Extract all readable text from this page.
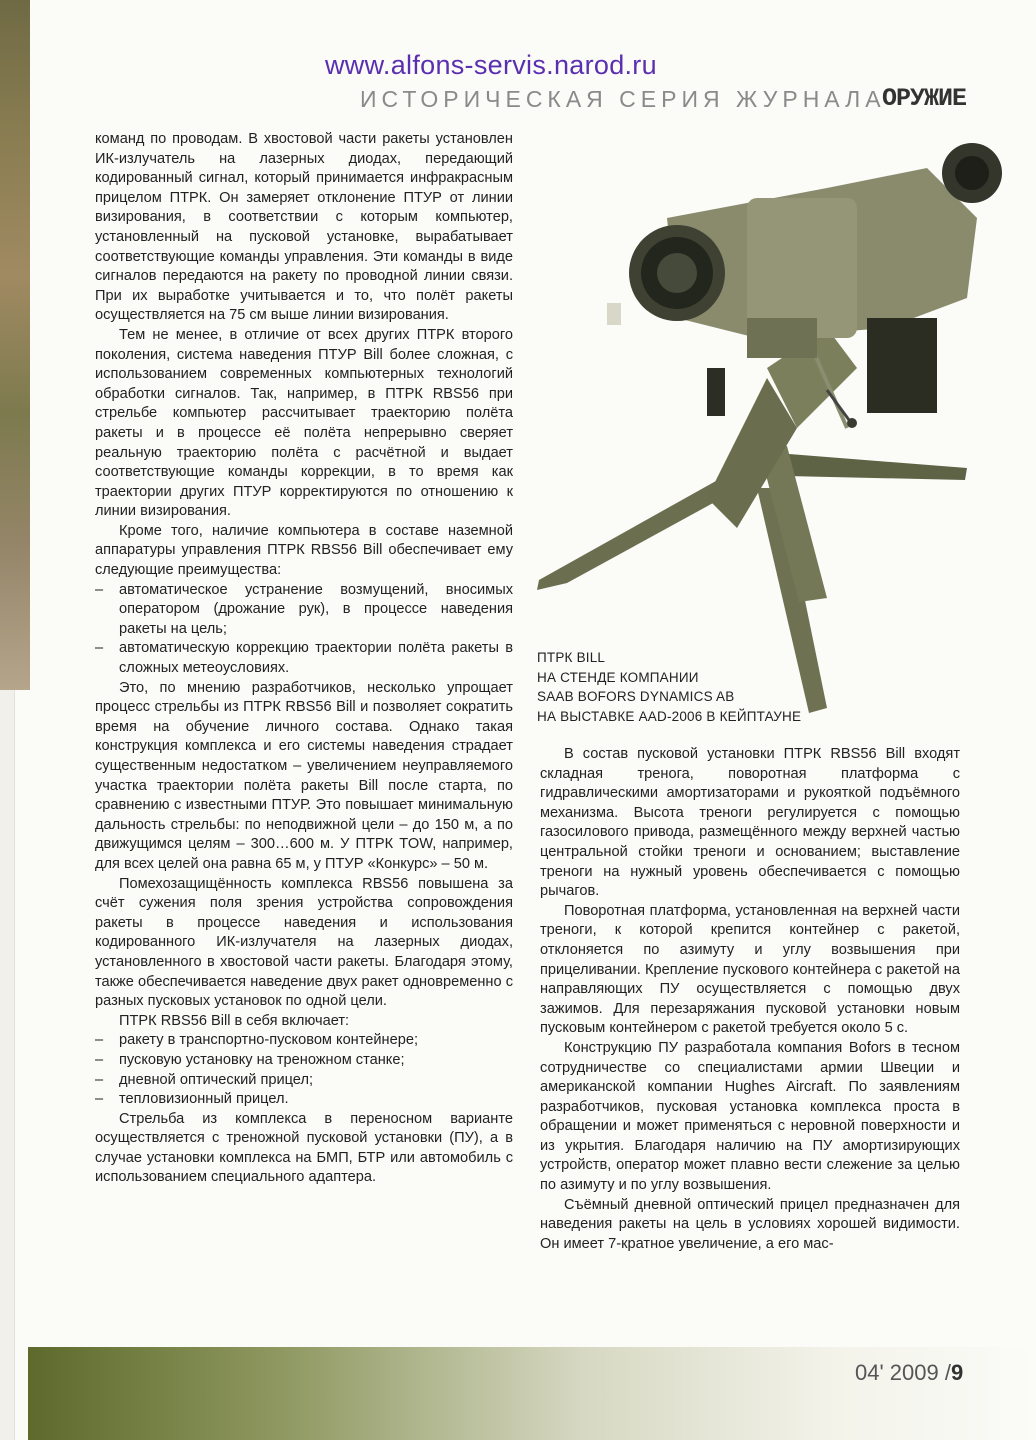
www.alfons-servis.narod.ru
ИСТОРИЧЕСКАЯ СЕРИЯ ЖУРНАЛА
ОРУЖИЕ

команд по проводам. В хвостовой части ракеты установлен ИК-излучатель на лазерных диодах, передающий кодированный сигнал, который принимается инфракрасным прицелом ПТРК. Он замеряет отклонение ПТУР от линии визирования, в соответствии с которым компьютер, установленный на пусковой установке, вырабатывает соответствующие команды управления. Эти команды в виде сигналов передаются на ракету по проводной линии связи. При их выработке учитывается и то, что полёт ракеты осуществляется на 75 см выше линии визирования.

Тем не менее, в отличие от всех других ПТРК второго поколения, система наведения ПТУР Bill более сложная, с использованием современных компьютерных технологий обработки сигналов. Так, например, в ПТРК RBS56 при стрельбе компьютер рассчитывает траекторию полёта ракеты и в процессе её полёта непрерывно сверяет реальную траекторию полёта с расчётной и выдает соответствующие команды коррекции, в то время как траектории других ПТУР корректируются по отношению к линии визирования.

Кроме того, наличие компьютера в составе наземной аппаратуры управления ПТРК RBS56 Bill обеспечивает ему следующие преимущества:

– автоматическое устранение возмущений, вносимых оператором (дрожание рук), в процессе наведения ракеты на цель;
– автоматическую коррекцию траектории полёта ракеты в сложных метеоусловиях.

Это, по мнению разработчиков, несколько упрощает процесс стрельбы из ПТРК RBS56 Bill и позволяет сократить время на обучение личного состава. Однако такая конструкция комплекса и его системы наведения страдает существенным недостатком – увеличением неуправляемого участка траектории полёта ракеты Bill после старта, по сравнению с известными ПТУР. Это повышает минимальную дальность стрельбы: по неподвижной цели – до 150 м, а по движущимся целям – 300…600 м. У ПТРК TOW, например, для всех целей она равна 65 м, у ПТУР «Конкурс» – 50 м.

Помехозащищённость комплекса RBS56 повышена за счёт сужения поля зрения устройства сопровождения ракеты в процессе наведения и использования кодированного ИК-излучателя на лазерных диодах, установленного в хвостовой части ракеты. Благодаря этому, также обеспечивается наведение двух ракет одновременно с разных пусковых установок по одной цели.

ПТРК RBS56 Bill в себя включает:

– ракету в транспортно-пусковом контейнере;
– пусковую установку на треножном станке;
– дневной оптический прицел;
– тепловизионный прицел.

Стрельба из комплекса в переносном варианте осуществляется с треножной пусковой установки (ПУ), а в случае установки комплекса на БМП, БТР или автомобиль с использованием специального адаптера.

ПТРК BILL
НА СТЕНДЕ КОМПАНИИ
SAAB BOFORS DYNAMICS AB
НА ВЫСТАВКЕ AAD-2006 В КЕЙПТАУНЕ

В состав пусковой установки ПТРК RBS56 Bill входят складная тренога, поворотная платформа с гидравлическими амортизаторами и рукояткой подъёмного механизма. Высота треноги регулируется с помощью газосилового привода, размещённого между верхней частью центральной стойки треноги и основанием; выставление треноги на нужный уровень обеспечивается с помощью рычагов.

Поворотная платформа, установленная на верхней части треноги, к которой крепится контейнер с ракетой, отклоняется по азимуту и углу возвышения при прицеливании. Крепление пускового контейнера с ракетой на направляющих ПУ осуществляется с помощью двух зажимов. Для перезаряжания пусковой установки новым пусковым контейнером с ракетой требуется около 5 с.

Конструкцию ПУ разработала компания Bofors в тесном сотрудничестве со специалистами армии Швеции и американской компании Hughes Aircraft. По заявлениям разработчиков, пусковая установка комплекса проста в обращении и может применяться с неровной поверхности и из укрытия. Благодаря наличию на ПУ амортизирующих устройств, оператор может плавно вести слежение за целью по азимуту и по углу возвышения.

Съёмный дневной оптический прицел предназначен для наведения ракеты на цель в условиях хорошей видимости. Он имеет 7-кратное увеличение, а его мас-

04' 2009 /9
